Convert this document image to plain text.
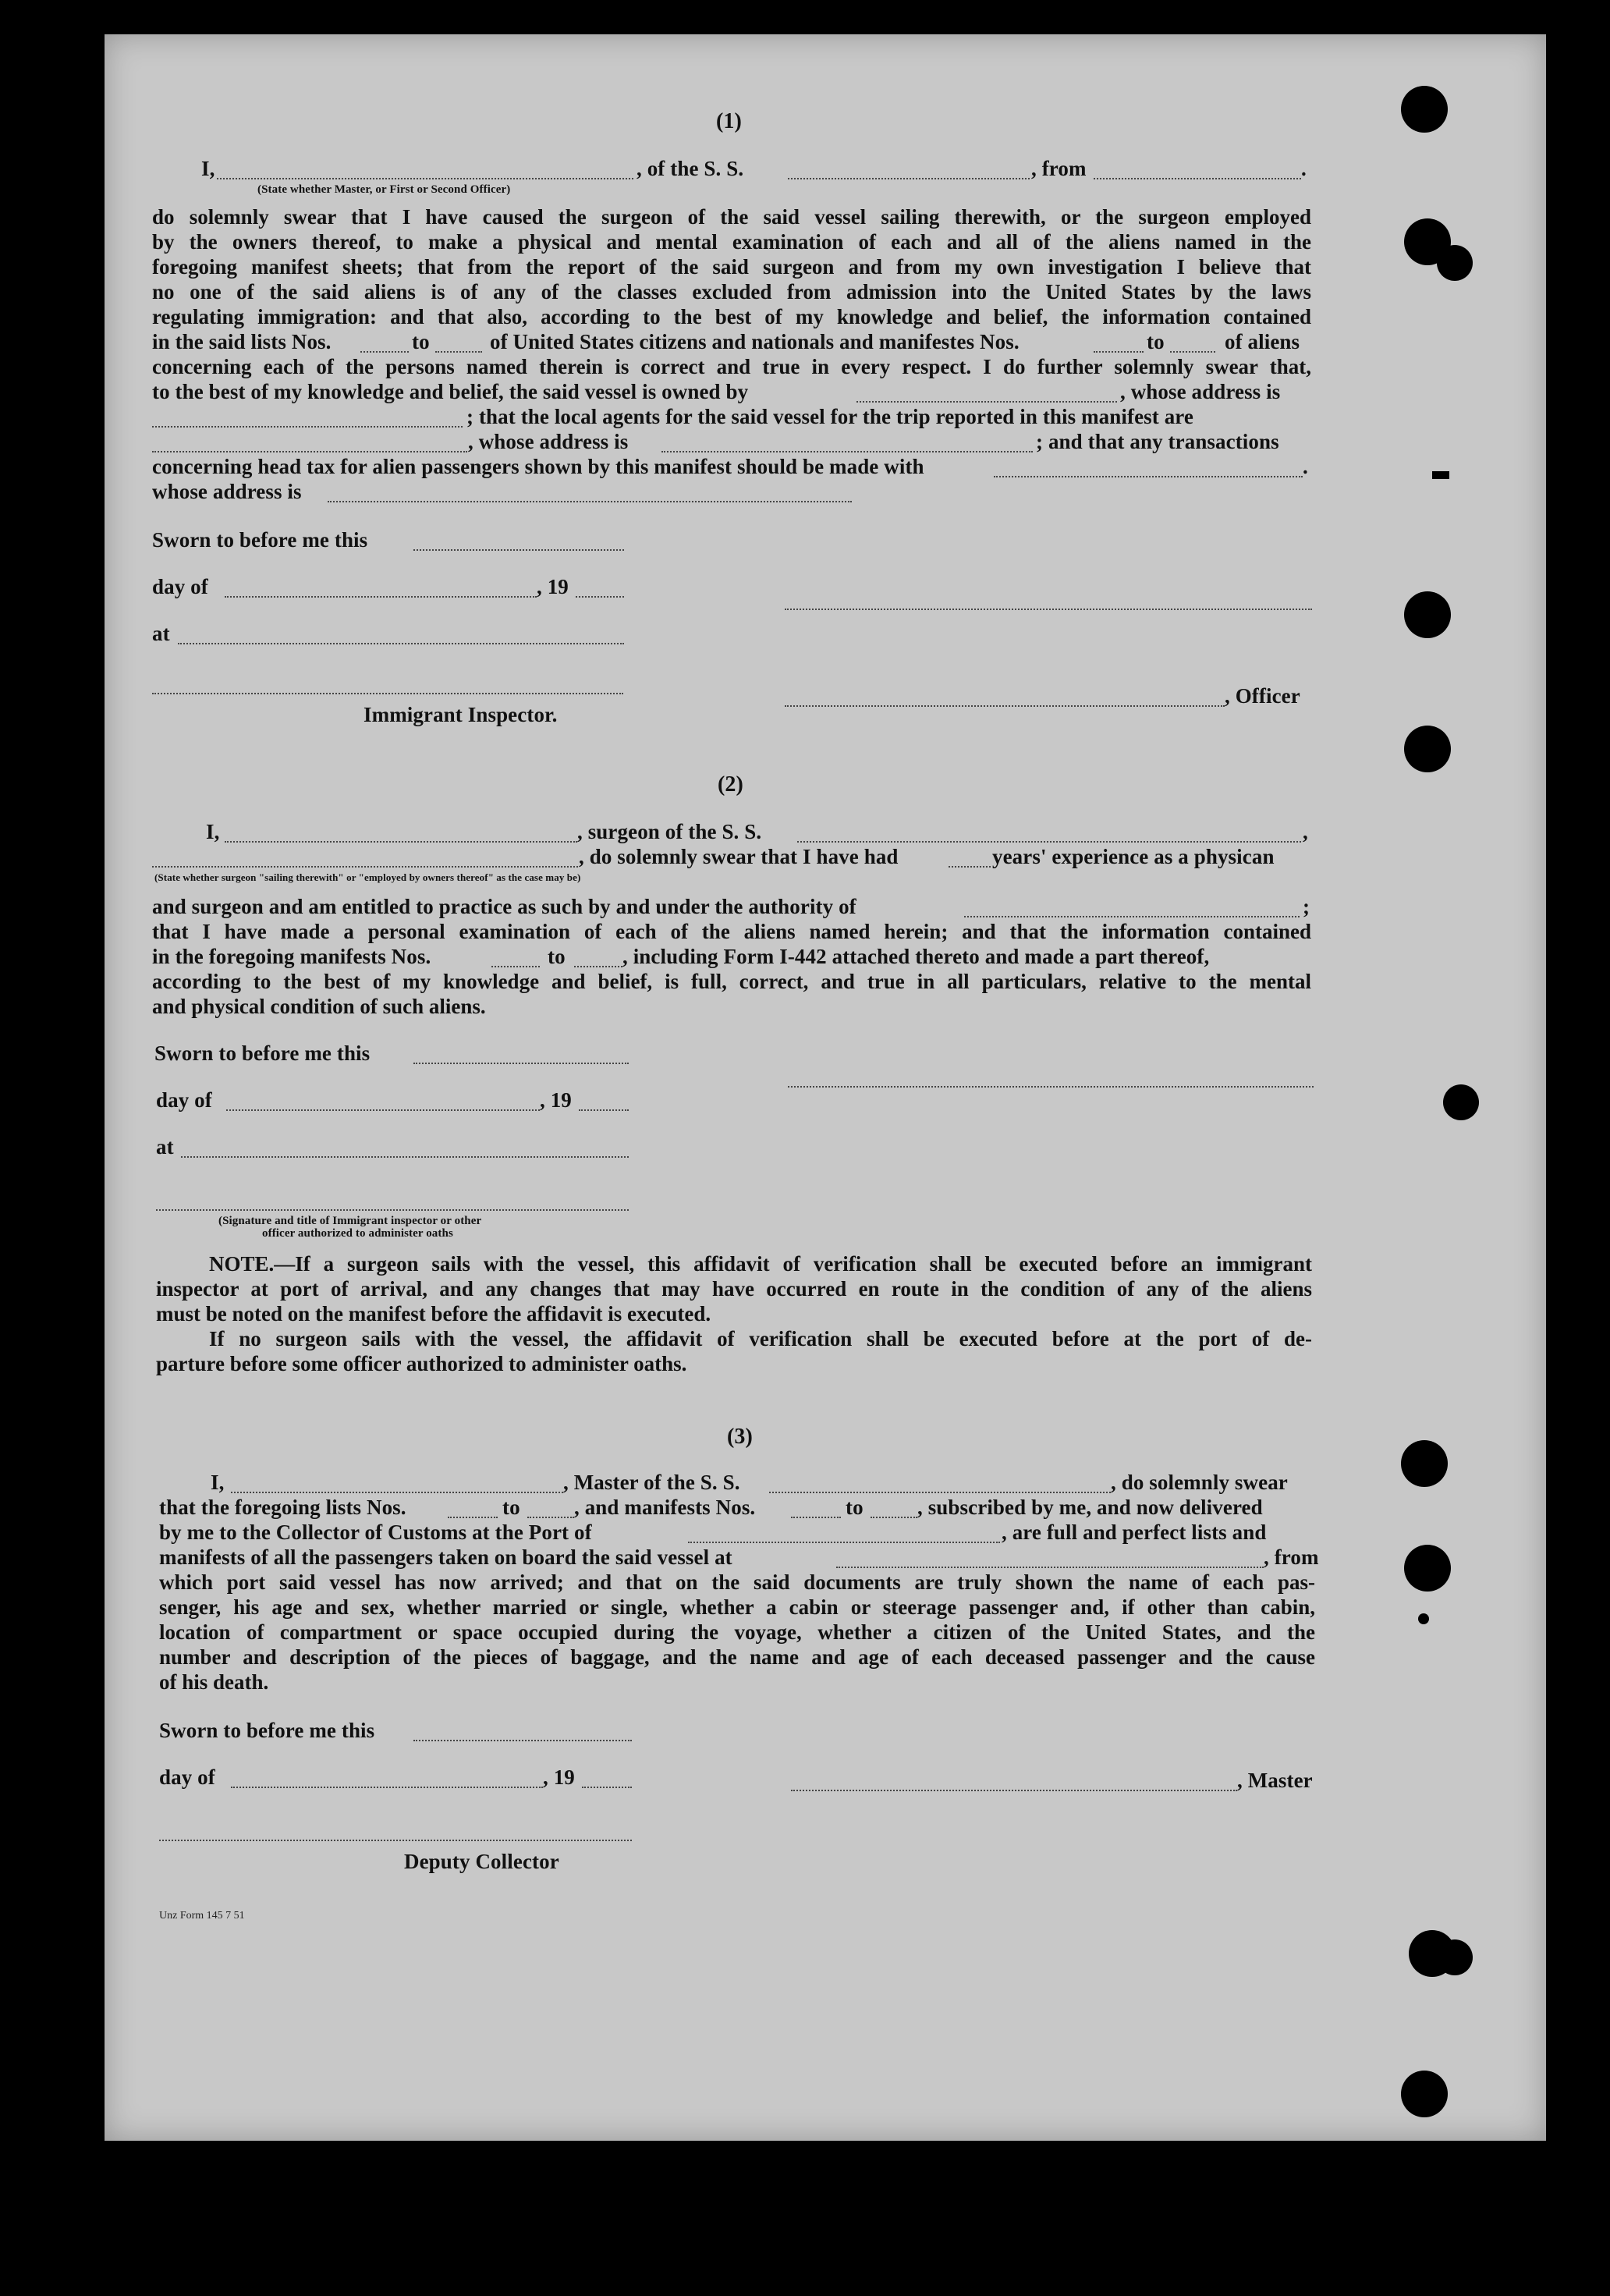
(1)
I,	, of the S. S.	, from	.
(State whether Master, or First or Second Officer)
do solemnly swear that I have caused the surgeon of the said vessel sailing therewith, or the surgeon employed
by the owners thereof, to make a physical and mental examination of each and all of the aliens named in the
foregoing manifest sheets; that from the report of the said surgeon and from my own investigation I believe that
no one of the said aliens is of any of the classes excluded from admission into the United States by the laws
regulating immigration: and that also, according to the best of my knowledge and belief, the information contained
in the said lists Nos.	to	of United States citizens and nationals and manifestes Nos.	to	of aliens
concerning each of the persons named therein is correct and true in every respect. I do further solemnly swear that,
to the best of my knowledge and belief, the said vessel is owned by	, whose address is
; that the local agents for the said vessel for the trip reported in this manifest are
, whose address is	; and that any transactions
concerning head tax for alien passengers shown by this manifest should be made with	.
whose address is
Sworn to before me this
day of	, 19
at
, Officer
Immigrant Inspector.
(2)
I,	, surgeon of the S. S.	,
, do solemnly swear that I have had	years' experience as a physican
(State whether surgeon "sailing therewith" or "employed by owners thereof" as the case may be)
and surgeon and am entitled to practice as such by and under the authority of	;
that I have made a personal examination of each of the aliens named herein; and that the information contained
in the foregoing manifests Nos.	to	, including Form I-442 attached thereto and made a part thereof,
according to the best of my knowledge and belief, is full, correct, and true in all particulars, relative to the mental
and physical condition of such aliens.
Sworn to before me this
day of	, 19
at
(Signature and title of Immigrant inspector or other
officer authorized to administer oaths
NOTE.—If a surgeon sails with the vessel, this affidavit of verification shall be executed before an immigrant
inspector at port of arrival, and any changes that may have occurred en route in the condition of any of the aliens
must be noted on the manifest before the affidavit is executed.
If no surgeon sails with the vessel, the affidavit of verification shall be executed before at the port of de-
parture before some officer authorized to administer oaths.
(3)
I,	, Master of the S. S.	, do solemnly swear
that the foregoing lists Nos.	to	, and manifests Nos.	to	, subscribed by me, and now delivered
by me to the Collector of Customs at the Port of	, are full and perfect lists and
manifests of all the passengers taken on board the said vessel at	, from
which port said vessel has now arrived; and that on the said documents are truly shown the name of each pas-
senger, his age and sex, whether married or single, whether a cabin or steerage passenger and, if other than cabin,
location of compartment or space occupied during the voyage, whether a citizen of the United States, and the
number and description of the pieces of baggage, and the name and age of each deceased passenger and the cause
of his death.
Sworn to before me this
day of	, 19	, Master
Deputy Collector
Unz Form 145 7 51
